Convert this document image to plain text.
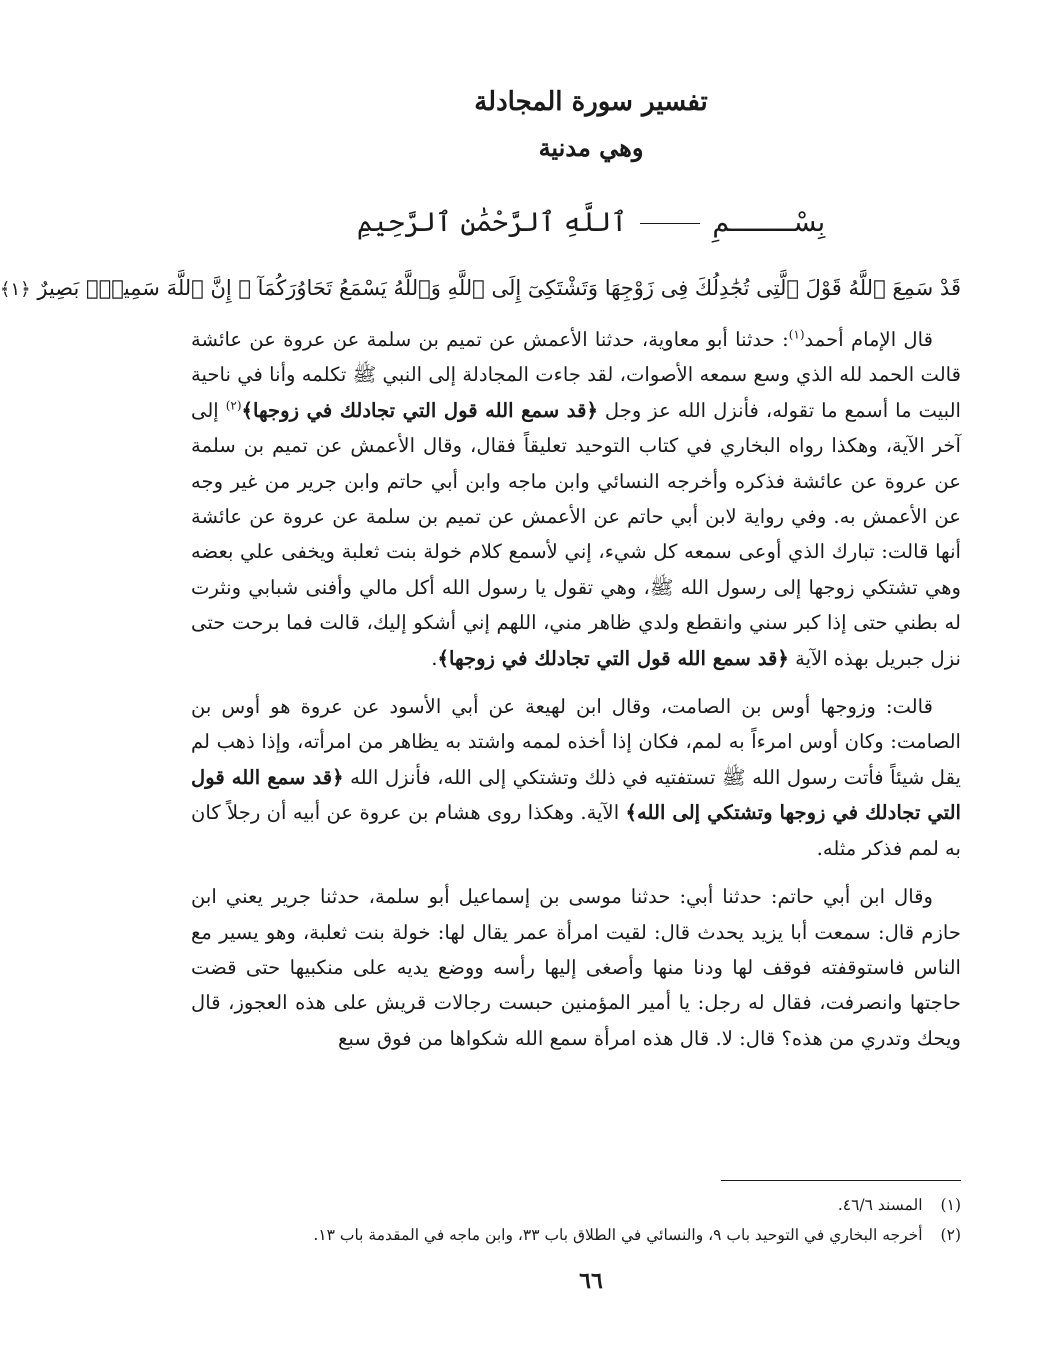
تفسير سورة المجادلة
وهي مدنية
بِسْــــــــمِ  ٱللَّهِ ٱلرَّحْمَٰنِ ٱلرَّحِيمِ
قَدْ سَمِعَ ٱللَّهُ قَوْلَ ٱلَّتِى تُجَٰدِلُكَ فِى زَوْجِهَا وَتَشْتَكِىٓ إِلَى ٱللَّهِ وَٱللَّهُ يَسْمَعُ تَحَاوُرَكُمَآ ۚ إِنَّ ٱللَّهَ سَمِيعٌۢ بَصِيرٌ ﴿١﴾

قال الإمام أحمد$^{(١)}$: حدثنا أبو معاوية، حدثنا الأعمش عن تميم بن سلمة عن عروة عن عائشة قالت الحمد لله الذي وسع سمعه الأصوات، لقد جاءت المجادلة إلى النبي ﷺ تكلمه وأنا في ناحية البيت ما أسمع ما تقوله، فأنزل الله عز وجل ﴿قد سمع الله قول التي تجادلك في زوجها﴾$^{(٢)}$ إلى آخر الآية، وهكذا رواه البخاري في كتاب التوحيد تعليقاً فقال، وقال الأعمش عن تميم بن سلمة عن عروة عن عائشة فذكره وأخرجه النسائي وابن ماجه وابن أبي حاتم وابن جرير من غير وجه عن الأعمش به. وفي رواية لابن أبي حاتم عن الأعمش عن تميم بن سلمة عن عروة عن عائشة أنها قالت: تبارك الذي أوعى سمعه كل شيء، إني لأسمع كلام خولة بنت ثعلبة ويخفى علي بعضه وهي تشتكي زوجها إلى رسول الله ﷺ، وهي تقول يا رسول الله أكل مالي وأفنى شبابي ونثرت له بطني حتى إذا كبر سني وانقطع ولدي ظاهر مني، اللهم إني أشكو إليك، قالت فما برحت حتى نزل جبريل بهذه الآية ﴿قد سمع الله قول التي تجادلك في زوجها﴾.

قالت: وزوجها أوس بن الصامت، وقال ابن لهيعة عن أبي الأسود عن عروة هو أوس بن الصامت: وكان أوس امرءاً به لمم، فكان إذا أخذه لممه واشتد به يظاهر من امرأته، وإذا ذهب لم يقل شيئاً فأتت رسول الله ﷺ تستفتيه في ذلك وتشتكي إلى الله، فأنزل الله ﴿قد سمع الله قول التي تجادلك في زوجها وتشتكي إلى الله﴾ الآية. وهكذا روى هشام بن عروة عن أبيه أن رجلاً كان به لمم فذكر مثله.

وقال ابن أبي حاتم: حدثنا أبي: حدثنا موسى بن إسماعيل أبو سلمة، حدثنا جرير يعني ابن حازم قال: سمعت أبا يزيد يحدث قال: لقيت امرأة عمر يقال لها: خولة بنت ثعلبة، وهو يسير مع الناس فاستوقفته فوقف لها ودنا منها وأصغى إليها رأسه ووضع يديه على منكبيها حتى قضت حاجتها وانصرفت، فقال له رجل: يا أمير المؤمنين حبست رجالات قريش على هذه العجوز، قال ويحك وتدري من هذه؟ قال: لا. قال هذه امرأة سمع الله شكواها من فوق سبع

(١)
المسند ٤٦/٦.
(٢)
أخرجه البخاري في التوحيد باب ٩، والنسائي في الطلاق باب ٣٣، وابن ماجه في المقدمة باب ١٣.
٦٦
